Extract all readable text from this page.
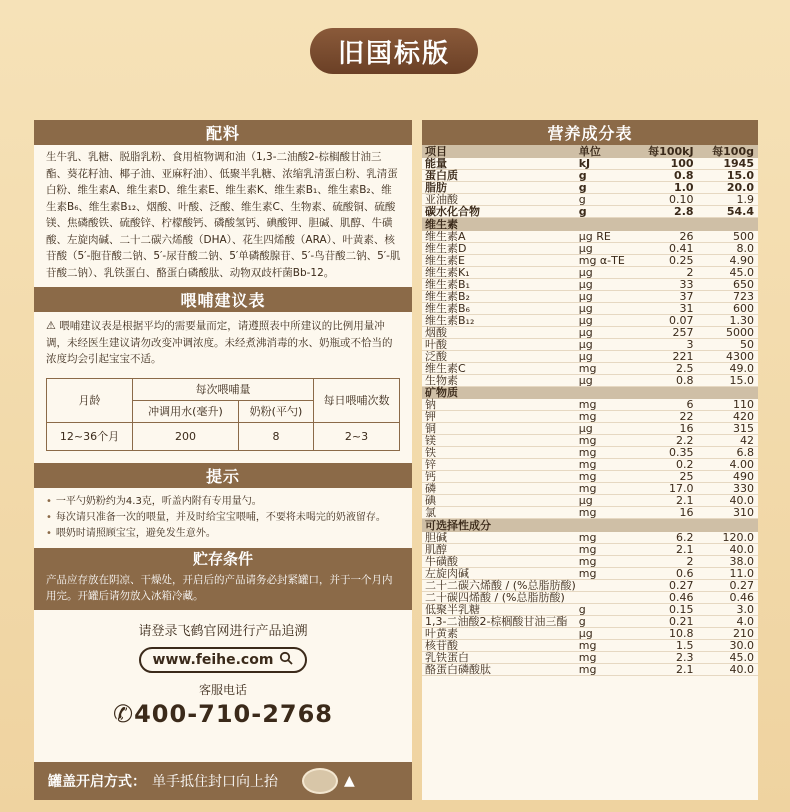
旧国标版
配料
生牛乳、乳糖、脱脂乳粉、食用植物调和油（1,3-二油酸2-棕榈酸甘油三酯、葵花籽油、椰子油、亚麻籽油）、低聚半乳糖、浓缩乳清蛋白粉、乳清蛋白粉、维生素A、维生素D、维生素E、维生素K、维生素B₁、维生素B₂、维生素B₆、维生素B₁₂、烟酸、叶酸、泛酸、维生素C、生物素、硫酸铜、硫酸镁、焦磷酸铁、硫酸锌、柠檬酸钙、磷酸氢钙、碘酸钾、胆碱、肌醇、牛磺酸、左旋肉碱、二十二碳六烯酸（DHA）、花生四烯酸（ARA）、叶黄素、核苷酸（5′-胞苷酸二钠、5′-尿苷酸二钠、5′单磷酸腺苷、5′-鸟苷酸二钠、5′-肌苷酸二钠）、乳铁蛋白、酪蛋白磷酸肽、动物双歧杆菌Bb-12。
喂哺建议表
⚠ 喂哺建议表是根据平均的需要量而定，请遵照表中所建议的比例用量冲调，未经医生建议请勿改变冲调浓度。未经煮沸消毒的水、奶瓶或不恰当的浓度均会引起宝宝不适。
月龄	每次喂哺量		每日喂哺次数
	冲调用水(毫升)	奶粉(平勺)	
12~36个月	200	8	2~3
提示
• 一平勺奶粉约为4.3克，听盖内附有专用量勺。
• 每次请只准备一次的喂量，并及时给宝宝喂哺，不要将未喝完的奶液留存。
• 喂奶时请照顾宝宝，避免发生意外。
贮存条件
产品应存放在阴凉、干燥处，开启后的产品请务必封紧罐口，并于一个月内用完。开罐后请勿放入冰箱冷藏。
请登录飞鹤官网进行产品追溯
www.feihe.com
客服电话
✆400-710-2768
罐盖开启方式： 单手抵住封口向上抬	▲
营养成分表
项目	单位	每100kJ	每100g
能量	kJ	100	1945
蛋白质	g	0.8	15.0
脂肪	g	1.0	20.0
亚油酸	g	0.10	1.9
碳水化合物	g	2.8	54.4
维生素			
维生素A	μg RE	26	500
维生素D	μg	0.41	8.0
维生素E	mg α-TE	0.25	4.90
维生素K₁	μg	2	45.0
维生素B₁	μg	33	650
维生素B₂	μg	37	723
维生素B₆	μg	31	600
维生素B₁₂	μg	0.07	1.30
烟酸	μg	257	5000
叶酸	μg	3	50
泛酸	μg	221	4300
维生素C	mg	2.5	49.0
生物素	μg	0.8	15.0
矿物质			
钠	mg	6	110
钾	mg	22	420
铜	μg	16	315
镁	mg	2.2	42
铁	mg	0.35	6.8
锌	mg	0.2	4.00
钙	mg	25	490
磷	mg	17.0	330
碘	μg	2.1	40.0
氯	mg	16	310
可选择性成分			
胆碱	mg	6.2	120.0
肌醇	mg	2.1	40.0
牛磺酸	mg	2	38.0
左旋肉碱	mg	0.6	11.0
二十二碳六烯酸 / (%总脂肪酸)		0.27	0.27
二十碳四烯酸 / (%总脂肪酸)		0.46	0.46
低聚半乳糖	g	0.15	3.0
1,3-二油酸2-棕榈酸甘油三酯	g	0.21	4.0
叶黄素	μg	10.8	210
核苷酸	mg	1.5	30.0
乳铁蛋白	mg	2.3	45.0
酪蛋白磷酸肽	mg	2.1	40.0
